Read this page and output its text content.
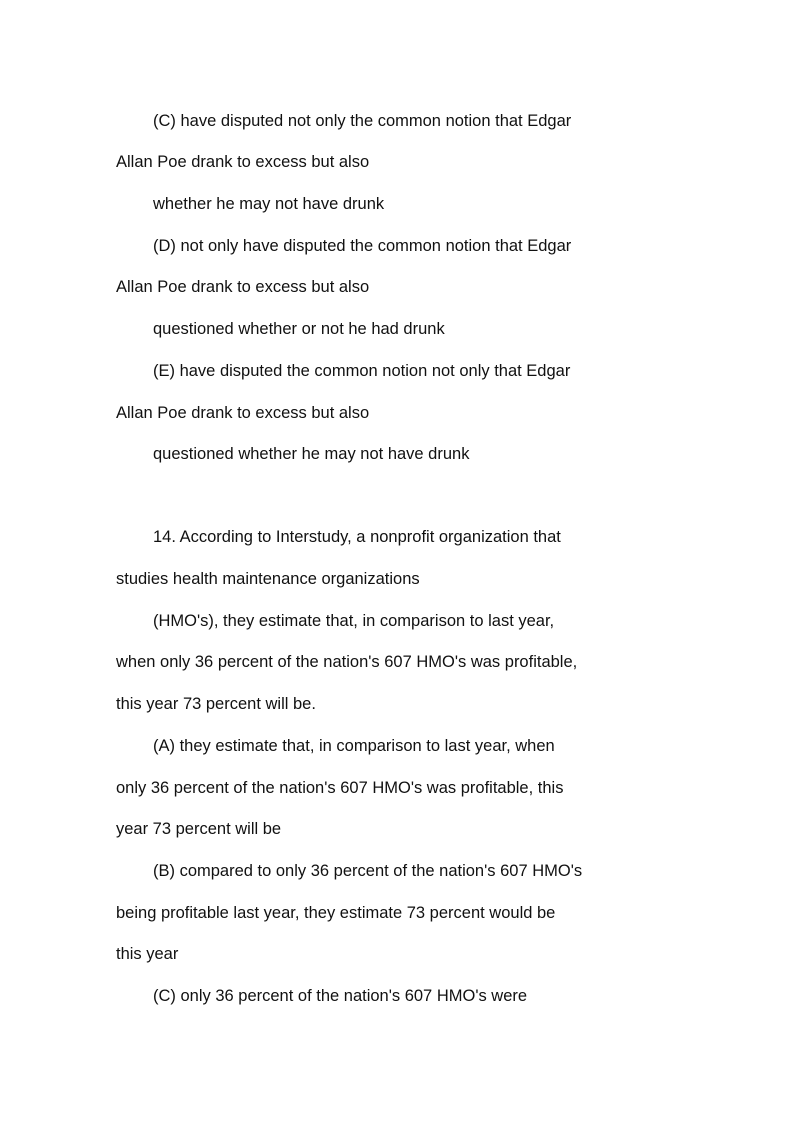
(C) have disputed not only the common notion that Edgar
Allan Poe drank to excess but also
whether he may not have drunk
(D) not only have disputed the common notion that Edgar
Allan Poe drank to excess but also
questioned whether or not he had drunk
(E) have disputed the common notion not only that Edgar
Allan Poe drank to excess but also
questioned whether he may not have drunk
14. According to Interstudy, a nonprofit organization that
studies health maintenance organizations
(HMO's), they estimate that, in comparison to last year,
when only 36 percent of the nation's 607 HMO's was profitable,
this year 73 percent will be.
(A) they estimate that, in comparison to last year, when
only 36 percent of the nation's 607 HMO's was profitable, this
year 73 percent will be
(B) compared to only 36 percent of the nation's 607 HMO's
being profitable last year, they estimate 73 percent would be
this year
(C) only 36 percent of the nation's 607 HMO's were
